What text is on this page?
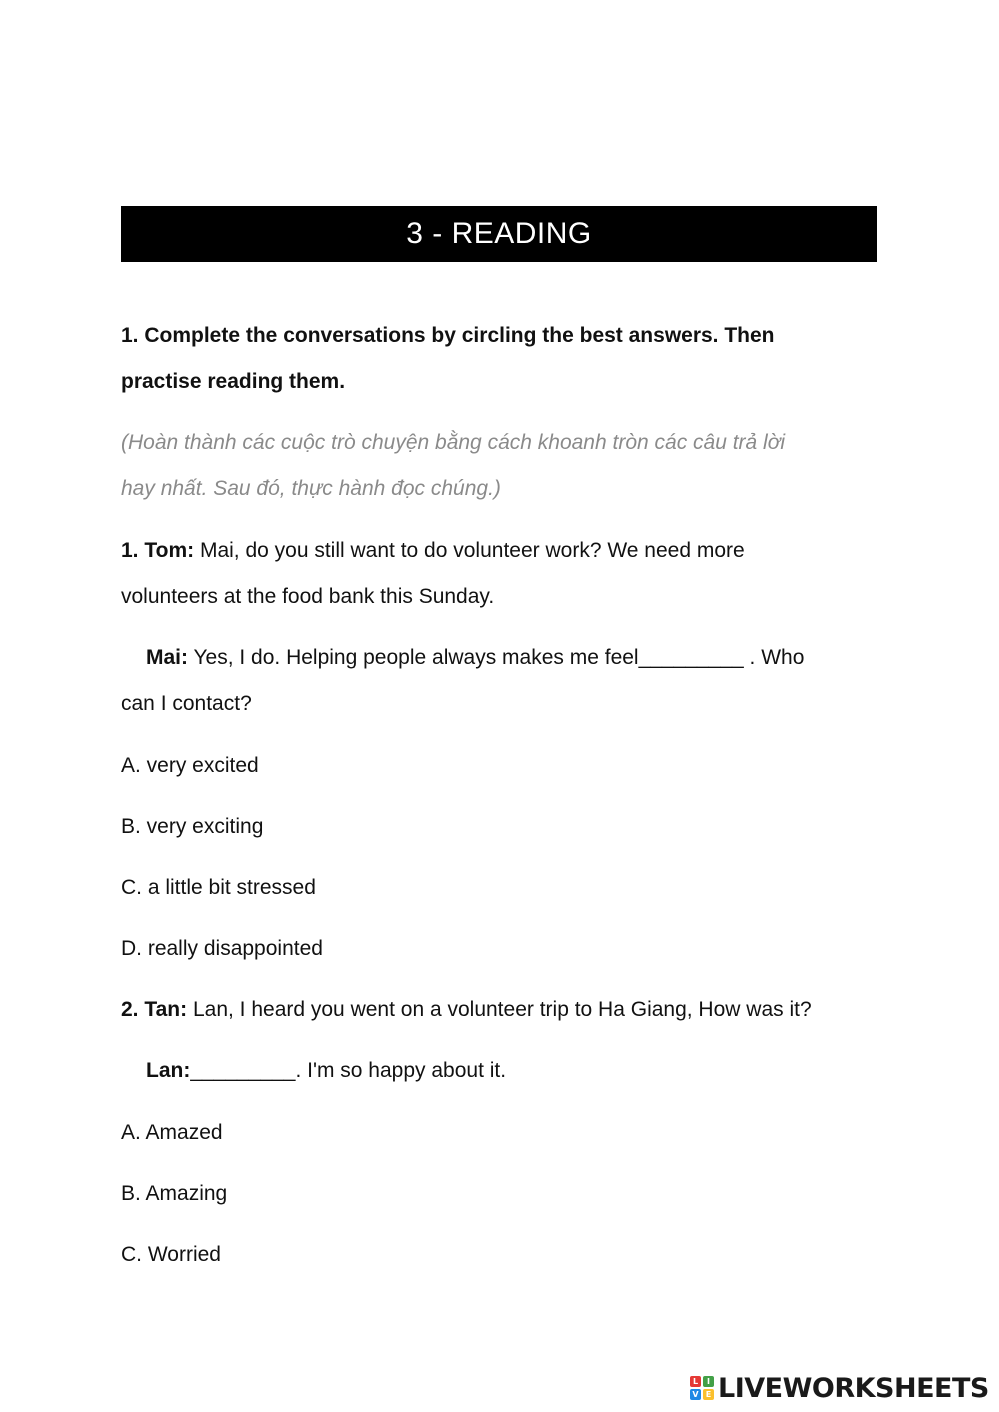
3 - READING
1. Complete the conversations by circling the best answers. Then
practise reading them.
(Hoàn thành các cuộc trò chuyện bằng cách khoanh tròn các câu trả lời
hay nhất. Sau đó, thực hành đọc chúng.)
1. Tom: Mai, do you still want to do volunteer work? We need more
volunteers at the food bank this Sunday.
Mai: Yes, I do. Helping people always makes me feel_________ . Who
can I contact?
A. very excited
B. very exciting
C. a little bit stressed
D. really disappointed
2. Tan: Lan, I heard you went on a volunteer trip to Ha Giang, How was it?
Lan:_________. I'm so happy about it.
A. Amazed
B. Amazing
C. Worried
L	I
V E LIVEWORKSHEETS
